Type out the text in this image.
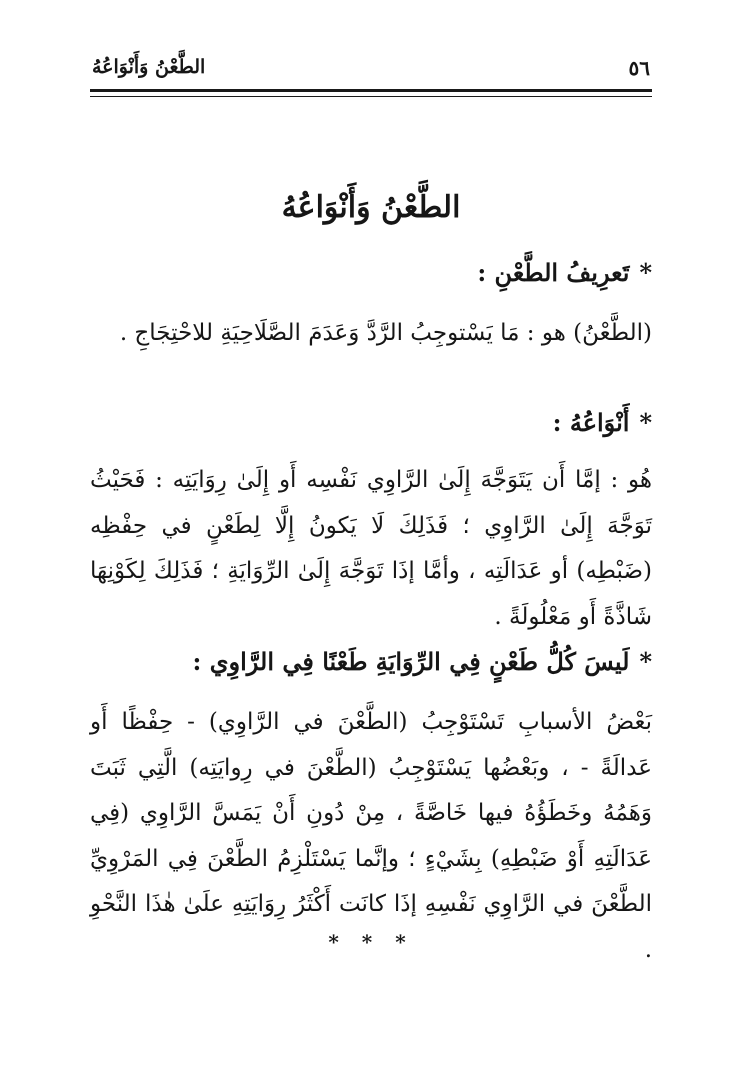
٥٦
الطَّعْنُ وَأَنْوَاعُهُ
الطَّعْنُ وَأَنْوَاعُهُ
*تَعرِيفُ الطَّعْنِ :
(الطَّعْنُ) هو : مَا يَسْتوجِبُ الرَّدَّ وَعَدَمَ الصَّلَاحِيَةِ للاحْتِجَاجِ .
*أَنْوَاعُهُ :
هُو : إمَّا أَن يَتَوَجَّهَ إِلَىٰ الرَّاوِي نَفْسِه أَو إِلَىٰ رِوَايَتِه : فَحَيْثُ تَوَجَّهَ إِلَىٰ الرَّاوِي ؛ فَذَلِكَ لَا يَكونُ إِلَّا لِطَعْنٍ في حِفْظِه (ضَبْطِه) أو عَدَالَتِه ، وأمَّا إذَا تَوَجَّهَ إِلَىٰ الرِّوَايَةِ ؛ فَذَلِكَ لِكَوْنِهَا شَاذَّةً أَو مَعْلُولَةً .
*لَيسَ كُلُّ طَعْنٍ فِي الرِّوَايَةِ طَعْنًا فِي الرَّاوِي :
بَعْضُ الأسبابِ تَسْتَوْجِبُ (الطَّعْنَ في الرَّاوِي) - حِفْظًا أَو عَدالَةً - ، وبَعْضُها يَسْتَوْجِبُ (الطَّعْنَ في رِوايَتِه) الَّتِي ثَبَتَ وَهَمُهُ وخَطَؤُهُ فيها خَاصَّةً ، مِنْ دُونِ أَنْ يَمَسَّ الرَّاوِي (فِي عَدَالَتِهِ أَوْ ضَبْطِهِ) بِشَيْءٍ ؛ وإنَّما يَسْتَلْزِمُ الطَّعْنَ فِي المَرْوِيِّ الطَّعْنَ في الرَّاوِي نَفْسِهِ إذَا كانَت أَكْثَرُ رِوَايَتِهِ علَىٰ هٰذَا النَّحْوِ .
* * *
